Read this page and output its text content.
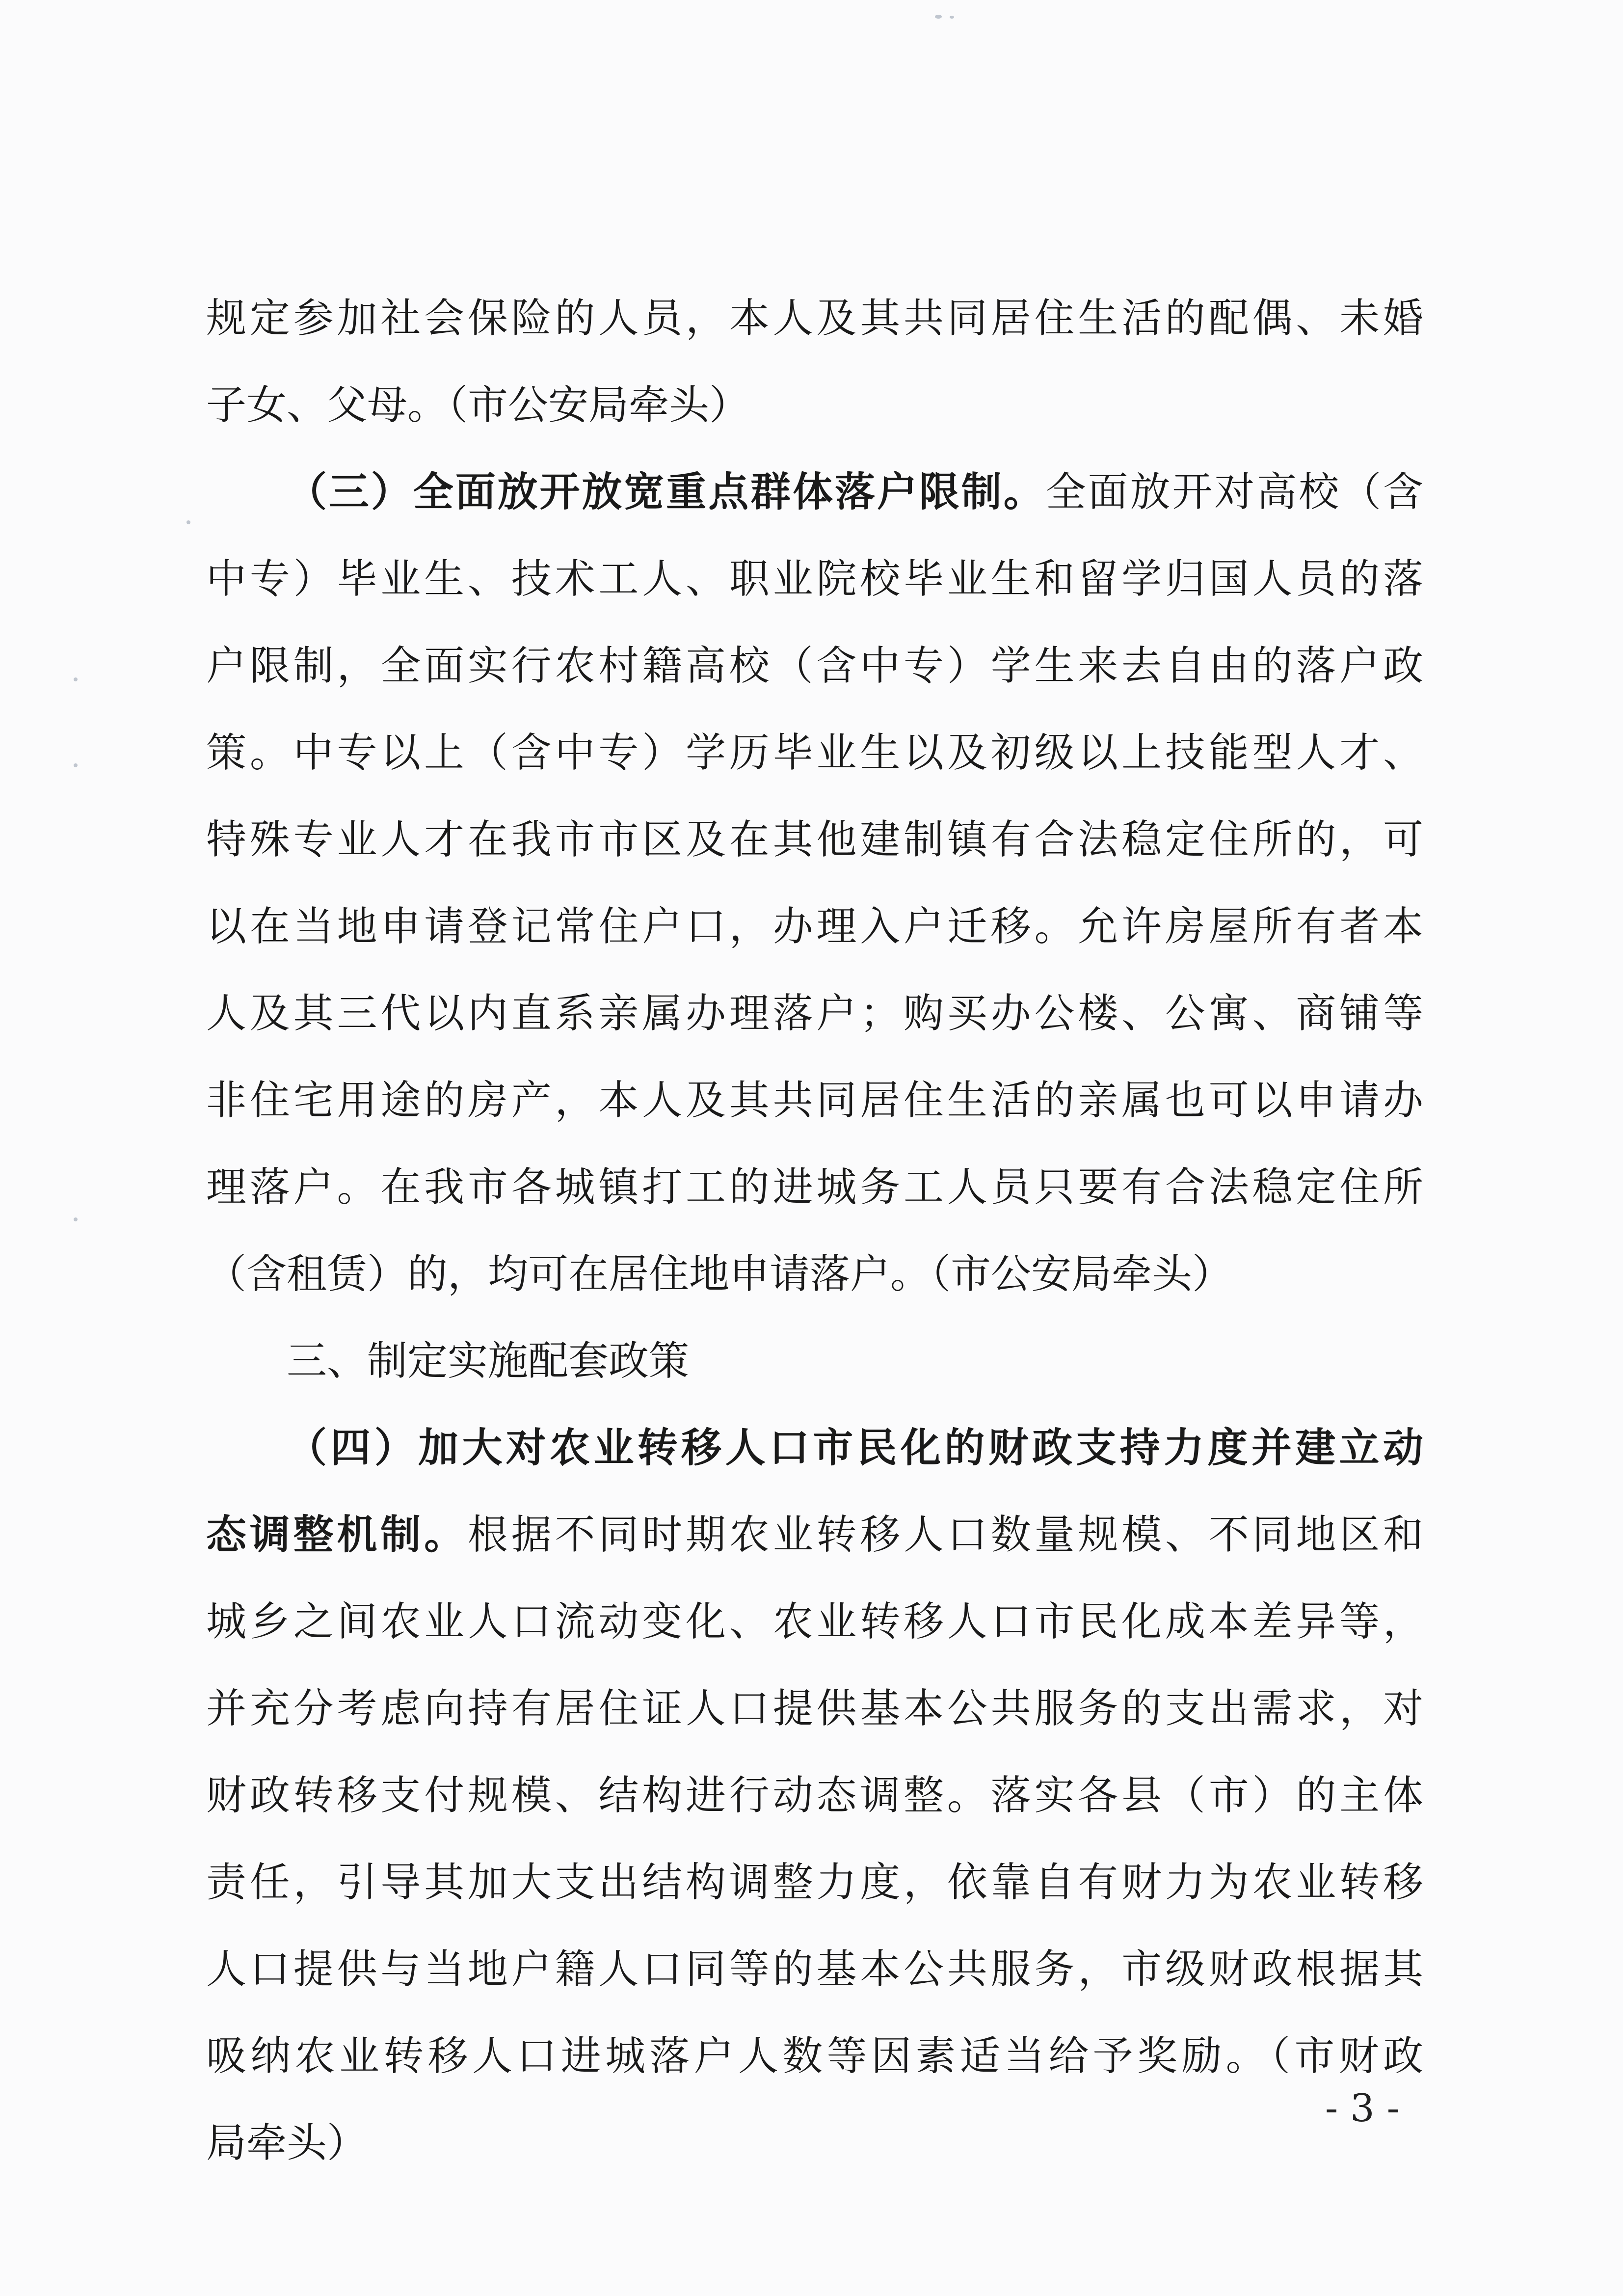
规定参加社会保险的人员，本人及其共同居住生活的配偶、未婚
子女、父母。（市公安局牵头）
（三）全面放开放宽重点群体落户限制。全面放开对高校（含
中专）毕业生、技术工人、职业院校毕业生和留学归国人员的落
户限制，全面实行农村籍高校（含中专）学生来去自由的落户政
策。中专以上（含中专）学历毕业生以及初级以上技能型人才、
特殊专业人才在我市市区及在其他建制镇有合法稳定住所的，可
以在当地申请登记常住户口，办理入户迁移。允许房屋所有者本
人及其三代以内直系亲属办理落户；购买办公楼、公寓、商铺等
非住宅用途的房产，本人及其共同居住生活的亲属也可以申请办
理落户。在我市各城镇打工的进城务工人员只要有合法稳定住所
（含租赁）的，均可在居住地申请落户。（市公安局牵头）
三、制定实施配套政策
（四）加大对农业转移人口市民化的财政支持力度并建立动
态调整机制。根据不同时期农业转移人口数量规模、不同地区和
城乡之间农业人口流动变化、农业转移人口市民化成本差异等，
并充分考虑向持有居住证人口提供基本公共服务的支出需求，对
财政转移支付规模、结构进行动态调整。落实各县（市）的主体
责任，引导其加大支出结构调整力度，依靠自有财力为农业转移
人口提供与当地户籍人口同等的基本公共服务，市级财政根据其
吸纳农业转移人口进城落户人数等因素适当给予奖励。（市财政
局牵头）
- 3 -
